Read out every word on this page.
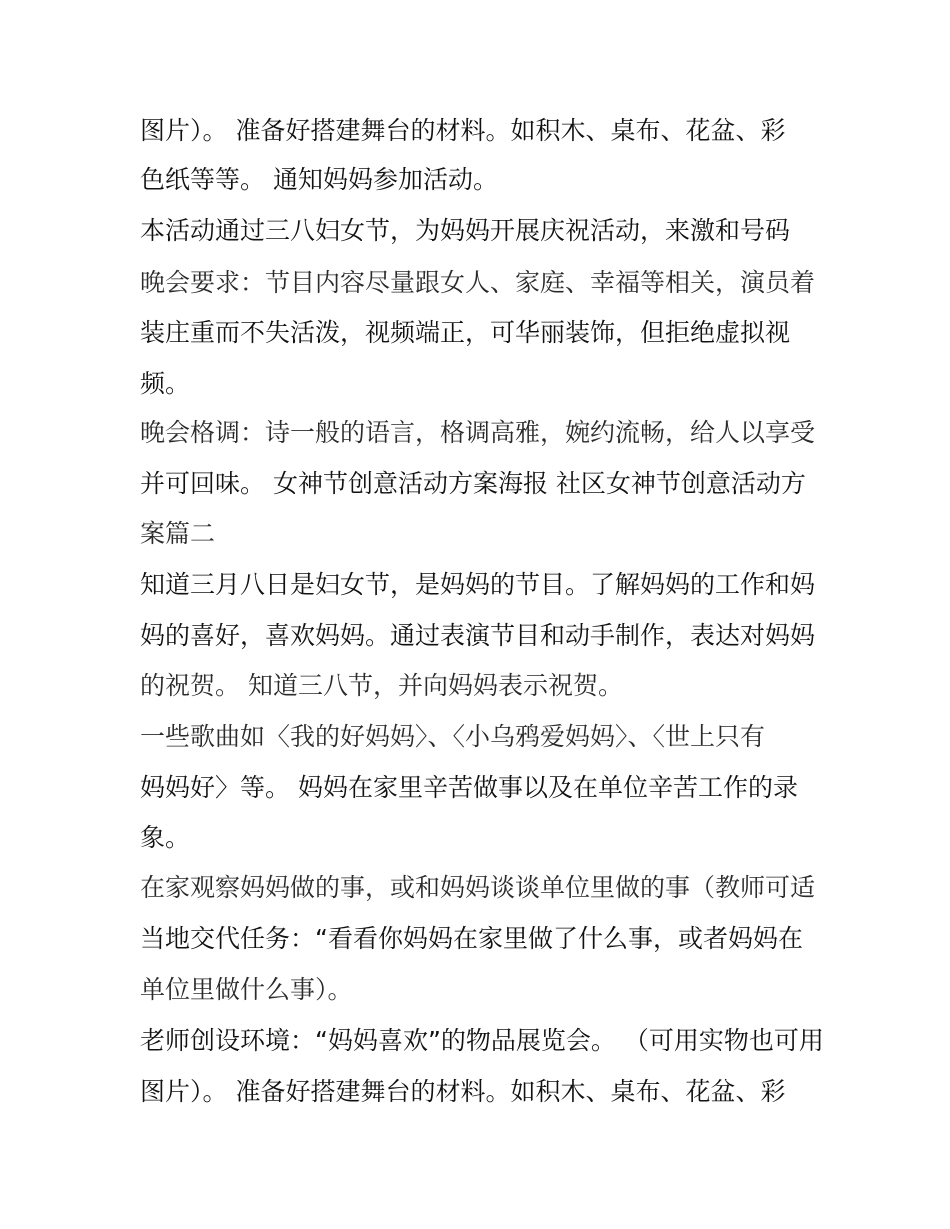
图片）。 准备好搭建舞台的材料。如积木、桌布、花盆、彩
色纸等等。 通知妈妈参加活动。
本活动通过三八妇女节，为妈妈开展庆祝活动，来激和号码
晚会要求：节目内容尽量跟女人、家庭、幸福等相关，演员着
装庄重而不失活泼，视频端正，可华丽装饰，但拒绝虚拟视
频。
晚会格调：诗一般的语言，格调高雅，婉约流畅，给人以享受
并可回味。 女神节创意活动方案海报 社区女神节创意活动方
案篇二
知道三月八日是妇女节，是妈妈的节目。了解妈妈的工作和妈
妈的喜好，喜欢妈妈。通过表演节目和动手制作，表达对妈妈
的祝贺。 知道三八节，并向妈妈表示祝贺。
一些歌曲如〈我的好妈妈〉、〈小乌鸦爱妈妈〉、〈世上只有
妈妈好〉等。 妈妈在家里辛苦做事以及在单位辛苦工作的录
象。
在家观察妈妈做的事，或和妈妈谈谈单位里做的事（教师可适
当地交代任务：“看看你妈妈在家里做了什么事，或者妈妈在
单位里做什么事）。
老师创设环境：“妈妈喜欢”的物品展览会。 （可用实物也可用
图片）。 准备好搭建舞台的材料。如积木、桌布、花盆、彩
